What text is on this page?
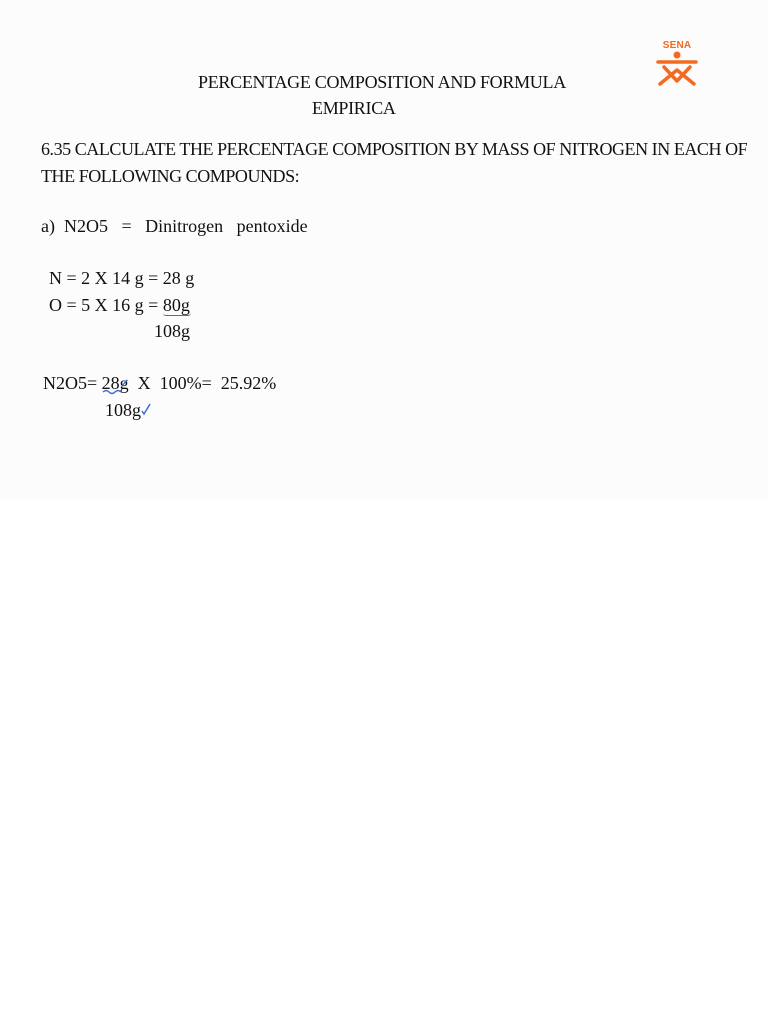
SENA
PERCENTAGE COMPOSITION AND FORMULA
EMPIRICA
6.35 CALCULATE THE PERCENTAGE COMPOSITION BY MASS OF NITROGEN IN EACH OF THE FOLLOWING COMPOUNDS:
a)  N2O5   =   Dinitrogen   pentoxide
N = 2 X 14 g = 28 g
O = 5 X 16 g = 80g
108g
N2O5= 28g
X  100%=  25.92%
108g
